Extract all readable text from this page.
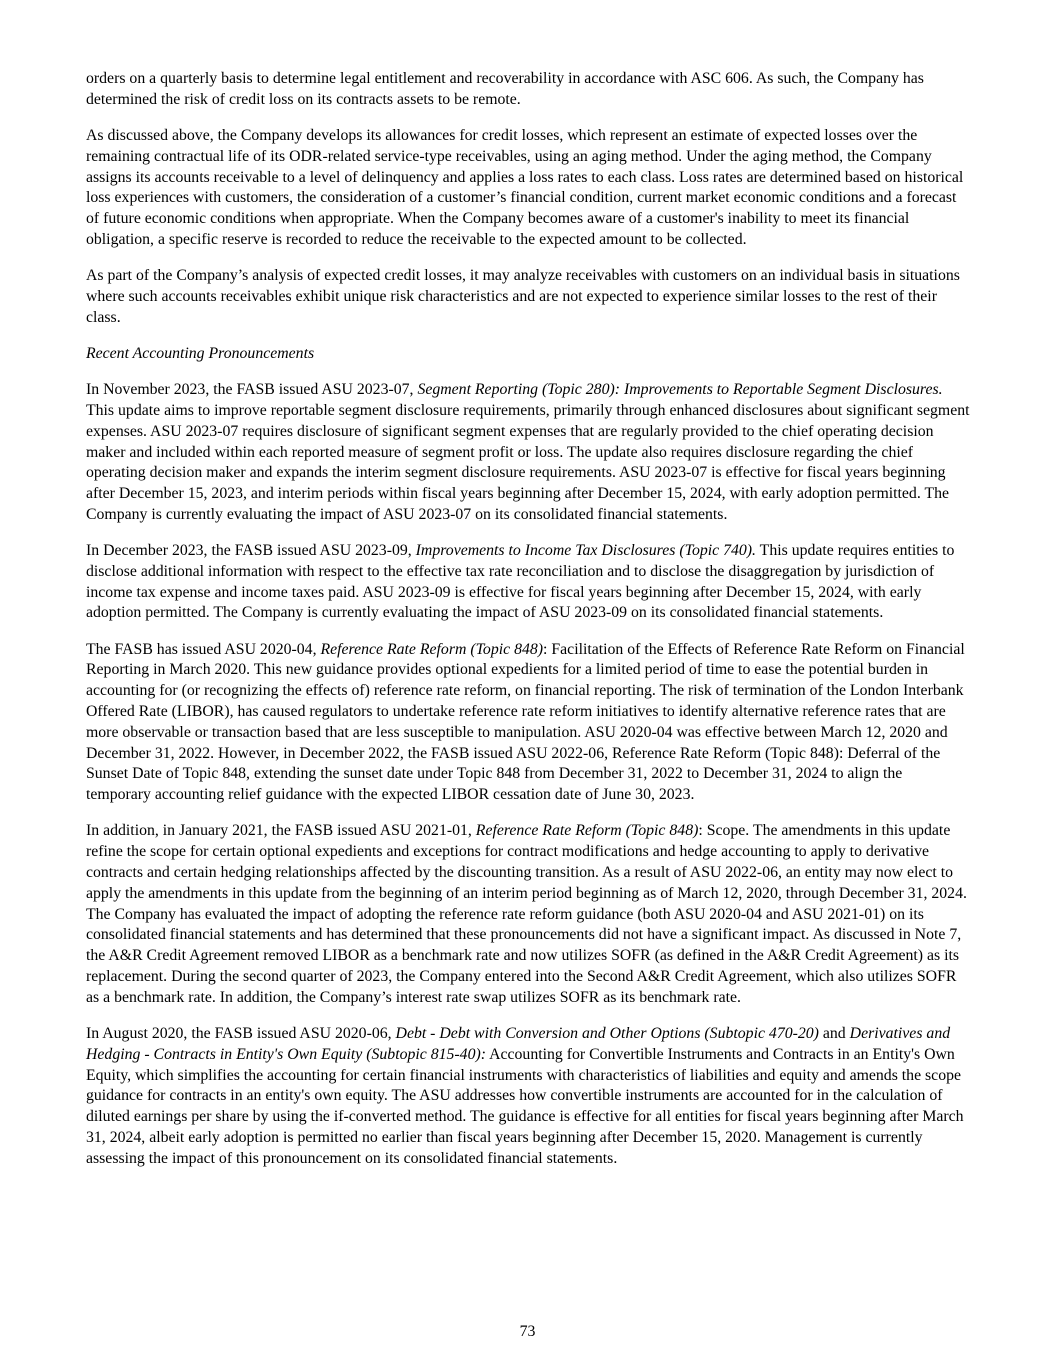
orders on a quarterly basis to determine legal entitlement and recoverability in accordance with ASC 606. As such, the Company has determined the risk of credit loss on its contracts assets to be remote.

As discussed above, the Company develops its allowances for credit losses, which represent an estimate of expected losses over the remaining contractual life of its ODR-related service-type receivables, using an aging method. Under the aging method, the Company assigns its accounts receivable to a level of delinquency and applies a loss rates to each class. Loss rates are determined based on historical loss experiences with customers, the consideration of a customer’s financial condition, current market economic conditions and a forecast of future economic conditions when appropriate. When the Company becomes aware of a customer's inability to meet its financial obligation, a specific reserve is recorded to reduce the receivable to the expected amount to be collected.

As part of the Company’s analysis of expected credit losses, it may analyze receivables with customers on an individual basis in situations where such accounts receivables exhibit unique risk characteristics and are not expected to experience similar losses to the rest of their class.

Recent Accounting Pronouncements

In November 2023, the FASB issued ASU 2023-07, Segment Reporting (Topic 280): Improvements to Reportable Segment Disclosures. This update aims to improve reportable segment disclosure requirements, primarily through enhanced disclosures about significant segment expenses. ASU 2023-07 requires disclosure of significant segment expenses that are regularly provided to the chief operating decision maker and included within each reported measure of segment profit or loss. The update also requires disclosure regarding the chief operating decision maker and expands the interim segment disclosure requirements. ASU 2023-07 is effective for fiscal years beginning after December 15, 2023, and interim periods within fiscal years beginning after December 15, 2024, with early adoption permitted. The Company is currently evaluating the impact of ASU 2023-07 on its consolidated financial statements.

In December 2023, the FASB issued ASU 2023-09, Improvements to Income Tax Disclosures (Topic 740). This update requires entities to disclose additional information with respect to the effective tax rate reconciliation and to disclose the disaggregation by jurisdiction of income tax expense and income taxes paid. ASU 2023-09 is effective for fiscal years beginning after December 15, 2024, with early adoption permitted. The Company is currently evaluating the impact of ASU 2023-09 on its consolidated financial statements.

The FASB has issued ASU 2020-04, Reference Rate Reform (Topic 848): Facilitation of the Effects of Reference Rate Reform on Financial Reporting in March 2020. This new guidance provides optional expedients for a limited period of time to ease the potential burden in accounting for (or recognizing the effects of) reference rate reform, on financial reporting. The risk of termination of the London Interbank Offered Rate (LIBOR), has caused regulators to undertake reference rate reform initiatives to identify alternative reference rates that are more observable or transaction based that are less susceptible to manipulation. ASU 2020-04 was effective between March 12, 2020 and December 31, 2022. However, in December 2022, the FASB issued ASU 2022-06, Reference Rate Reform (Topic 848): Deferral of the Sunset Date of Topic 848, extending the sunset date under Topic 848 from December 31, 2022 to December 31, 2024 to align the temporary accounting relief guidance with the expected LIBOR cessation date of June 30, 2023.

In addition, in January 2021, the FASB issued ASU 2021-01, Reference Rate Reform (Topic 848): Scope. The amendments in this update refine the scope for certain optional expedients and exceptions for contract modifications and hedge accounting to apply to derivative contracts and certain hedging relationships affected by the discounting transition. As a result of ASU 2022-06, an entity may now elect to apply the amendments in this update from the beginning of an interim period beginning as of March 12, 2020, through December 31, 2024. The Company has evaluated the impact of adopting the reference rate reform guidance (both ASU 2020-04 and ASU 2021-01) on its consolidated financial statements and has determined that these pronouncements did not have a significant impact. As discussed in Note 7, the A&R Credit Agreement removed LIBOR as a benchmark rate and now utilizes SOFR (as defined in the A&R Credit Agreement) as its replacement. During the second quarter of 2023, the Company entered into the Second A&R Credit Agreement, which also utilizes SOFR as a benchmark rate. In addition, the Company’s interest rate swap utilizes SOFR as its benchmark rate.

In August 2020, the FASB issued ASU 2020-06, Debt - Debt with Conversion and Other Options (Subtopic 470-20) and Derivatives and Hedging - Contracts in Entity's Own Equity (Subtopic 815-40): Accounting for Convertible Instruments and Contracts in an Entity's Own Equity, which simplifies the accounting for certain financial instruments with characteristics of liabilities and equity and amends the scope guidance for contracts in an entity's own equity. The ASU addresses how convertible instruments are accounted for in the calculation of diluted earnings per share by using the if-converted method. The guidance is effective for all entities for fiscal years beginning after March 31, 2024, albeit early adoption is permitted no earlier than fiscal years beginning after December 15, 2020. Management is currently assessing the impact of this pronouncement on its consolidated financial statements.

73
